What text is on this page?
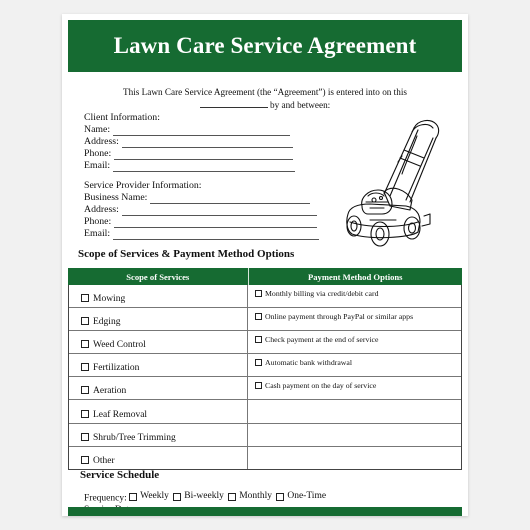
Lawn Care Service Agreement
This Lawn Care Service Agreement (the “Agreement”) is entered into on this
by and between:
Client Information:
Name:
Address:
Phone:
Email:
Service Provider Information:
Business Name:
Address:
Phone:
Email:
Scope of Services & Payment Method Options
Scope of Services	Payment Method Options
Mowing
Monthly billing via credit/debit card
Edging
Online payment through PayPal or similar apps
Weed Control
Check payment at the end of service
Fertilization
Automatic bank withdrawal
Aeration
Cash payment on the day of service
Leaf Removal
Shrub/Tree Trimming
Other
Service Schedule
Frequency: Weekly
Bi-weekly
Monthly
One-Time
